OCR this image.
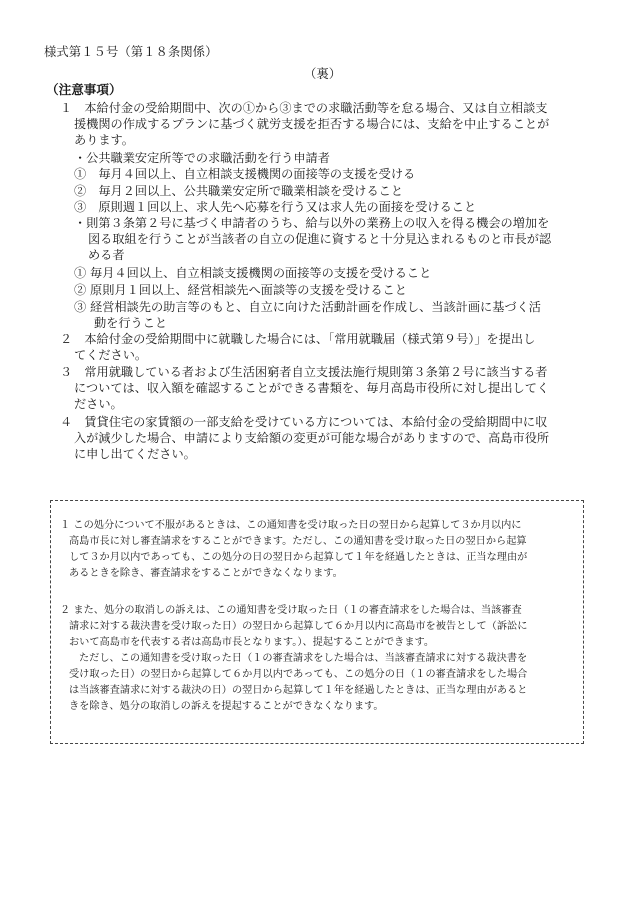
様式第１５号（第１８条関係）
（裏）
（注意事項）
１　本給付金の受給期間中、次の①から③までの求職活動等を怠る場合、又は自立相談支
援機関の作成するプランに基づく就労支援を拒否する場合には、支給を中止することが
あります。
・公共職業安定所等での求職活動を行う申請者
①　毎月４回以上、自立相談支援機関の面接等の支援を受ける
②　毎月２回以上、公共職業安定所で職業相談を受けること
③　原則週１回以上、求人先へ応募を行う又は求人先の面接を受けること
・則第３条第２号に基づく申請者のうち、給与以外の業務上の収入を得る機会の増加を
図る取組を行うことが当該者の自立の促進に資すると十分見込まれるものと市長が認
める者
① 毎月４回以上、自立相談支援機関の面接等の支援を受けること
② 原則月１回以上、経営相談先へ面談等の支援を受けること
③ 経営相談先の助言等のもと、自立に向けた活動計画を作成し、当該計画に基づく活
動を行うこと
２　本給付金の受給期間中に就職した場合には、「常用就職届（様式第９号）」を提出し
てください。
３　常用就職している者および生活困窮者自立支援法施行規則第３条第２号に該当する者
については、収入額を確認することができる書類を、毎月高島市役所に対し提出してく
ださい。
４　賃貸住宅の家賃額の一部支給を受けている方については、本給付金の受給期間中に収
入が減少した場合、申請により支給額の変更が可能な場合がありますので、高島市役所
に申し出てください。
１ この処分について不服があるときは、この通知書を受け取った日の翌日から起算して３か月以内に
高島市長に対し審査請求をすることができます。ただし、この通知書を受け取った日の翌日から起算
して３か月以内であっても、この処分の日の翌日から起算して１年を経過したときは、正当な理由が
あるときを除き、審査請求をすることができなくなります。
２ また、処分の取消しの訴えは、この通知書を受け取った日（１の審査請求をした場合は、当該審査
請求に対する裁決書を受け取った日）の翌日から起算して６か月以内に高島市を被告として（訴訟に
おいて高島市を代表する者は高島市長となります。）、提起することができます。
ただし、この通知書を受け取った日（１の審査請求をした場合は、当該審査請求に対する裁決書を
受け取った日）の翌日から起算して６か月以内であっても、この処分の日（１の審査請求をした場合
は当該審査請求に対する裁決の日）の翌日から起算して１年を経過したときは、正当な理由があると
きを除き、処分の取消しの訴えを提起することができなくなります。
